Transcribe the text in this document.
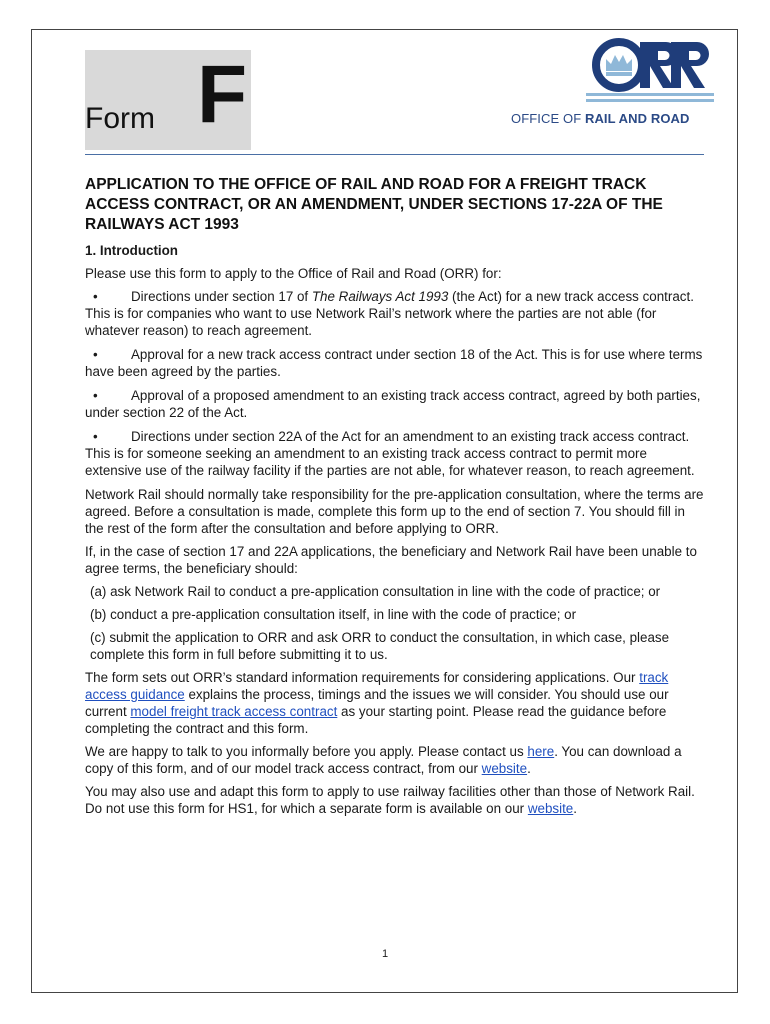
Form F	ORR
OFFICE OF RAIL AND ROAD
APPLICATION TO THE OFFICE OF RAIL AND ROAD FOR A FREIGHT TRACK ACCESS CONTRACT, OR AN AMENDMENT, UNDER SECTIONS 17-22A OF THE RAILWAYS ACT 1993
1. Introduction

Please use this form to apply to the Office of Rail and Road (ORR) for:

• Directions under section 17 of The Railways Act 1993 (the Act) for a new track access contract. This is for companies who want to use Network Rail’s network where the parties are not able (for whatever reason) to reach agreement.
• Approval for a new track access contract under section 18 of the Act. This is for use where terms have been agreed by the parties.
• Approval of a proposed amendment to an existing track access contract, agreed by both parties, under section 22 of the Act.
• Directions under section 22A of the Act for an amendment to an existing track access contract. This is for someone seeking an amendment to an existing track access contract to permit more extensive use of the railway facility if the parties are not able, for whatever reason, to reach agreement.

Network Rail should normally take responsibility for the pre-application consultation, where the terms are agreed. Before a consultation is made, complete this form up to the end of section 7. You should fill in the rest of the form after the consultation and before applying to ORR.

If, in the case of section 17 and 22A applications, the beneficiary and Network Rail have been unable to agree terms, the beneficiary should:

(a) ask Network Rail to conduct a pre-application consultation in line with the code of practice; or

(b) conduct a pre-application consultation itself, in line with the code of practice; or

(c) submit the application to ORR and ask ORR to conduct the consultation, in which case, please complete this form in full before submitting it to us.

The form sets out ORR’s standard information requirements for considering applications. Our track access guidance explains the process, timings and the issues we will consider. You should use our current model freight track access contract as your starting point. Please read the guidance before completing the contract and this form.

We are happy to talk to you informally before you apply. Please contact us here. You can download a copy of this form, and of our model track access contract, from our website.

You may also use and adapt this form to apply to use railway facilities other than those of Network Rail. Do not use this form for HS1, for which a separate form is available on our website.

1
